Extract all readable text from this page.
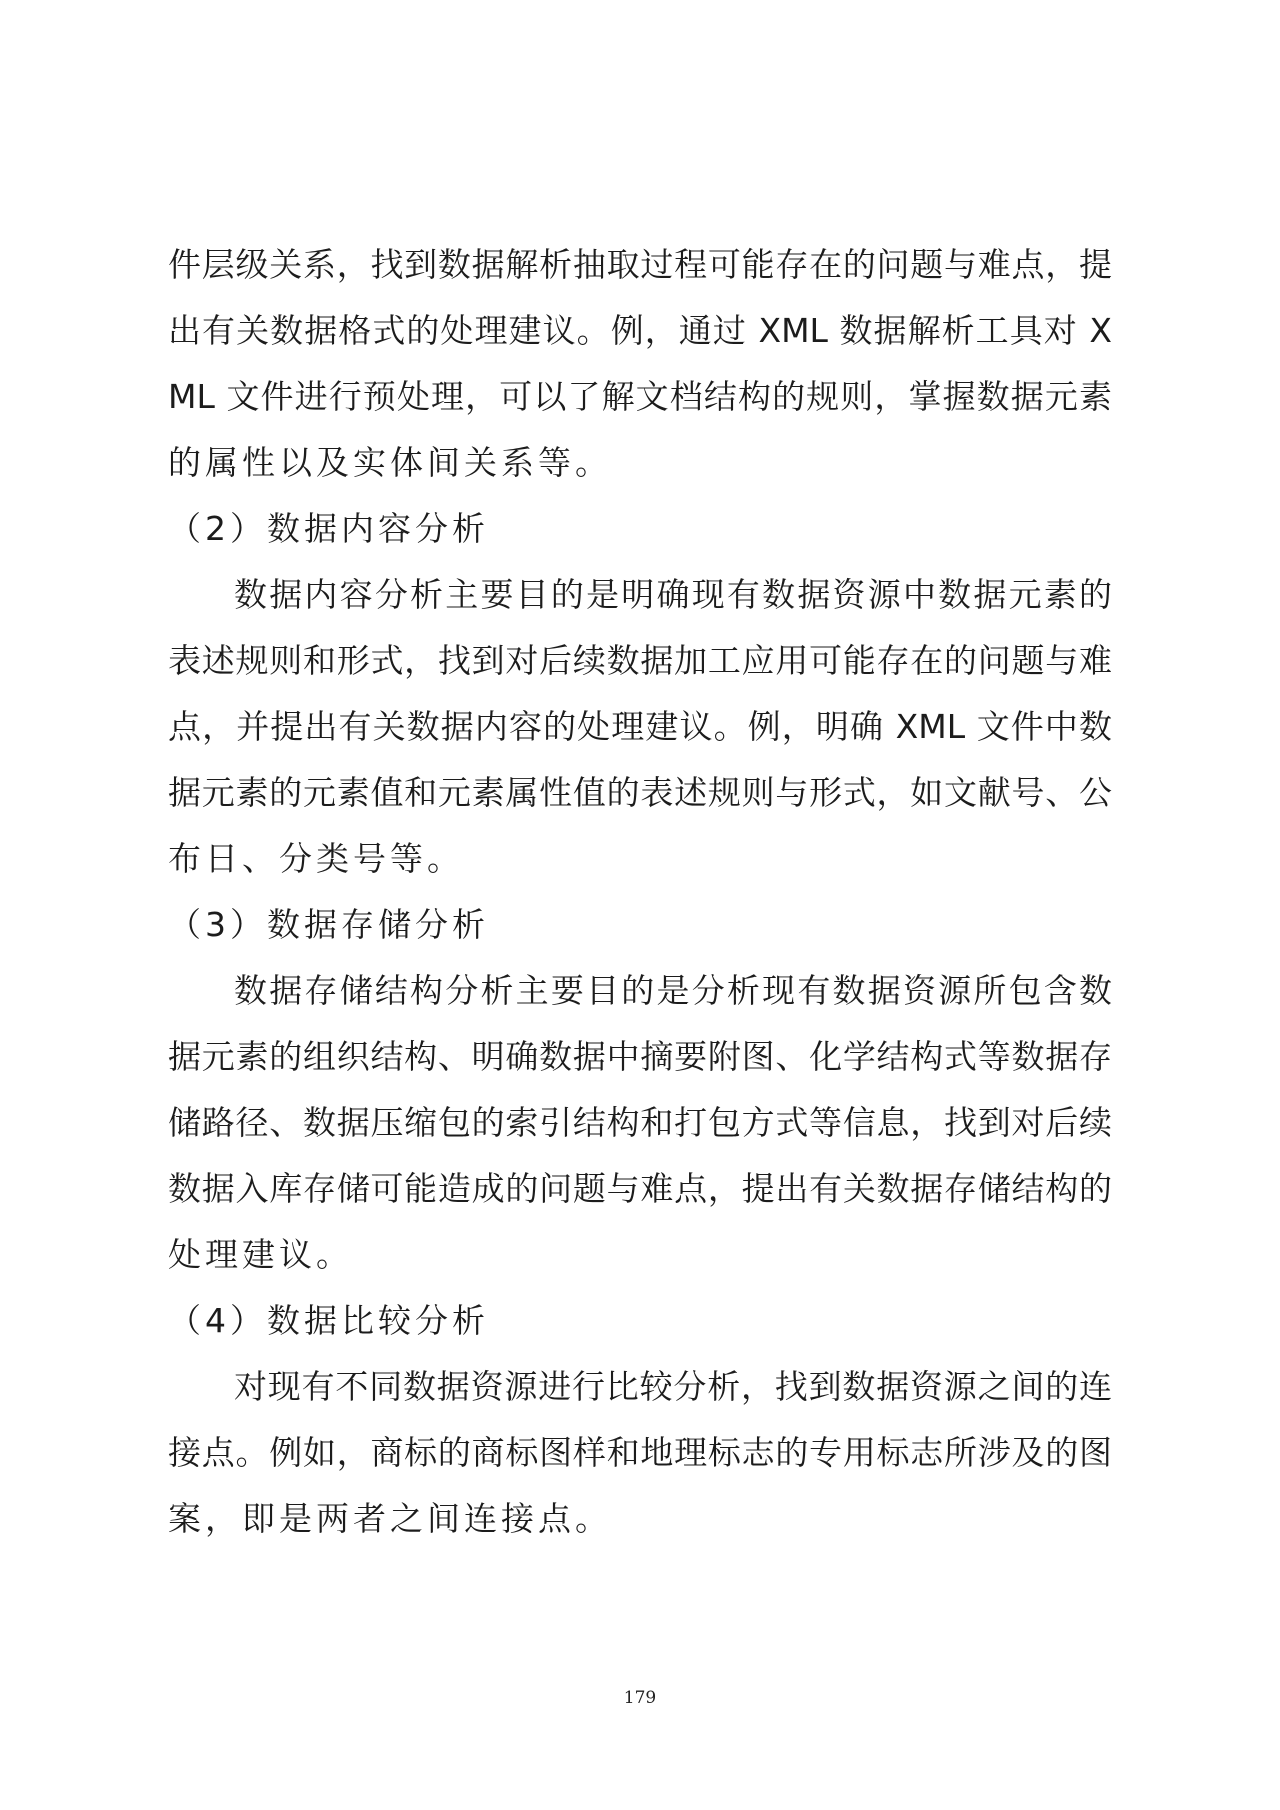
件层级关系，找到数据解析抽取过程可能存在的问题与难点，提
出有关数据格式的处理建议。例，通过 XML 数据解析工具对 X
ML 文件进行预处理，可以了解文档结构的规则，掌握数据元素
的属性以及实体间关系等。
（2）数据内容分析
数据内容分析主要目的是明确现有数据资源中数据元素的
表述规则和形式，找到对后续数据加工应用可能存在的问题与难
点，并提出有关数据内容的处理建议。例，明确 XML 文件中数
据元素的元素值和元素属性值的表述规则与形式，如文献号、公
布日、分类号等。
（3）数据存储分析
数据存储结构分析主要目的是分析现有数据资源所包含数
据元素的组织结构、明确数据中摘要附图、化学结构式等数据存
储路径、数据压缩包的索引结构和打包方式等信息，找到对后续
数据入库存储可能造成的问题与难点，提出有关数据存储结构的
处理建议。
（4）数据比较分析
对现有不同数据资源进行比较分析，找到数据资源之间的连
接点。例如，商标的商标图样和地理标志的专用标志所涉及的图
案，即是两者之间连接点。
179
